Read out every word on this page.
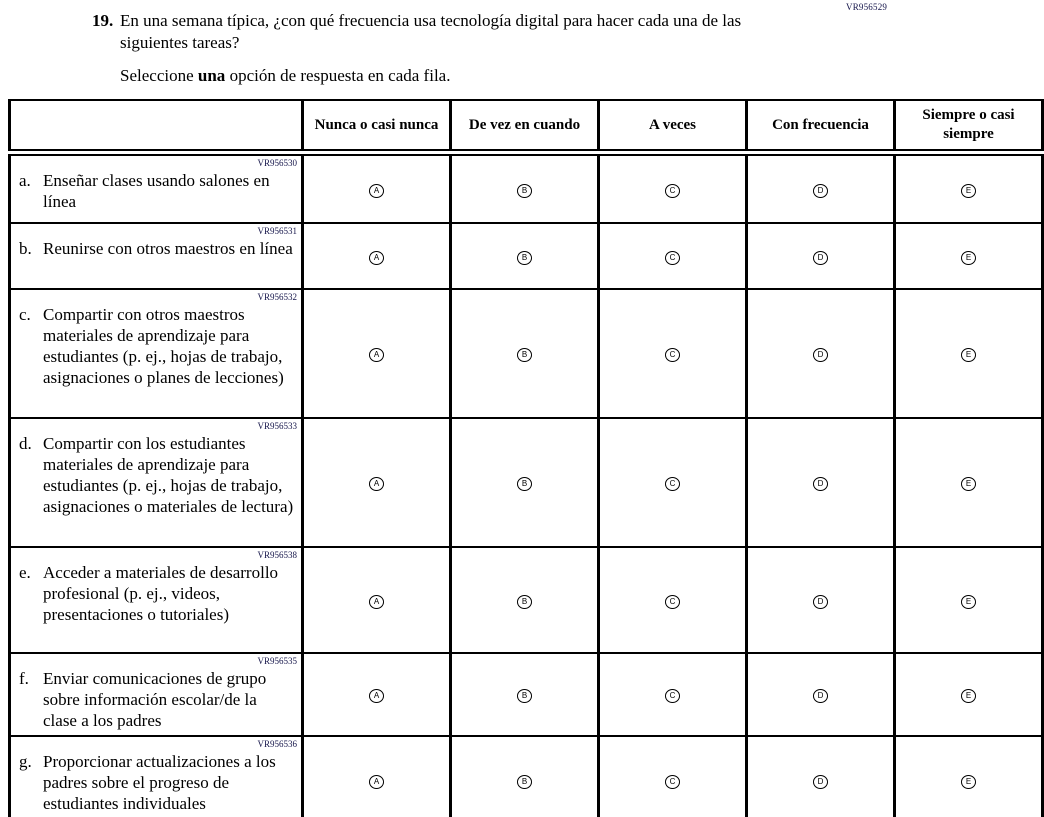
VR956529
19. En una semana típica, ¿con qué frecuencia usa tecnología digital para hacer cada una de las siguientes tareas?
Seleccione una opción de respuesta en cada fila.
	Nunca o casi nunca	De vez en cuando	A veces	Con frecuencia	Siempre o casi siempre

VR956530
a. Enseñar clases usando salones en línea	A	B	C	D	E

VR956531
b. Reunirse con otros maestros en línea	A	B	C	D	E

VR956532
c. Compartir con otros maestros materiales de aprendizaje para estudiantes (p. ej., hojas de trabajo, asignaciones o planes de lecciones)	A	B	C	D	E

VR956533
d. Compartir con los estudiantes materiales de aprendizaje para estudiantes (p. ej., hojas de trabajo, asignaciones o materiales de lectura)	A	B	C	D	E

VR956538
e. Acceder a materiales de desarrollo profesional (p. ej., videos, presentaciones o tutoriales)	A	B	C	D	E

VR956535
f. Enviar comunicaciones de grupo sobre información escolar/de la clase a los padres	A	B	C	D	E

VR956536
g. Proporcionar actualizaciones a los padres sobre el progreso de estudiantes individuales	A	B	C	D	E
